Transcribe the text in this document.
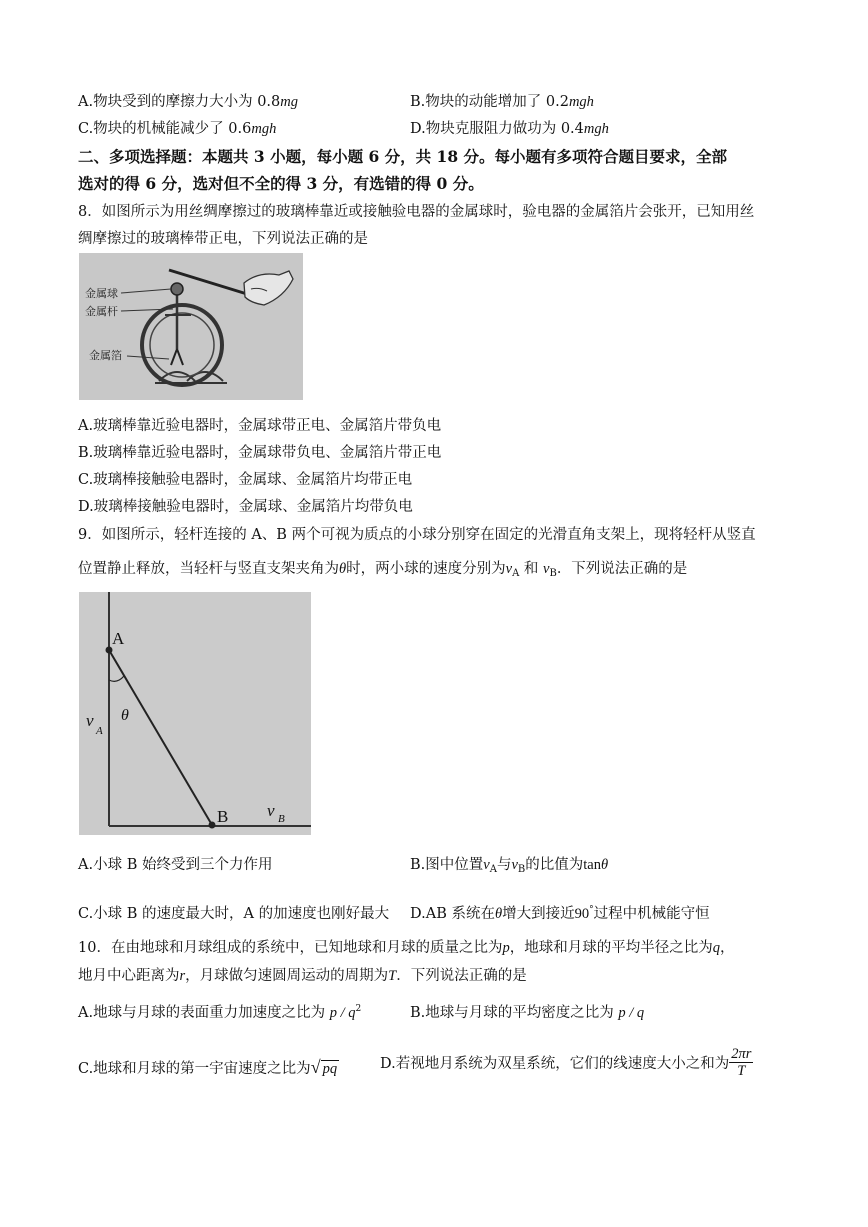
A.物块受到的摩擦力大小为 0.8mg	B.物块的动能增加了 0.2mgh
C.物块的机械能减少了 0.6mgh	D.物块克服阻力做功为 0.4mgh
二、多项选择题：本题共 3 小题，每小题 6 分，共 18 分。每小题有多项符合题目要求，全部
选对的得 6 分，选对但不全的得 3 分，有选错的得 0 分。
8．如图所示为用丝绸摩擦过的玻璃棒靠近或接触验电器的金属球时，验电器的金属箔片会张开，已知用丝
绸摩擦过的玻璃棒带正电，下列说法正确的是
金属球
金属杆
金属箔
A.玻璃棒靠近验电器时，金属球带正电、金属箔片带负电
B.玻璃棒靠近验电器时，金属球带负电、金属箔片带正电
C.玻璃棒接触验电器时，金属球、金属箔片均带正电
D.玻璃棒接触验电器时，金属球、金属箔片均带负电
9．如图所示，轻杆连接的 A、B 两个可视为质点的小球分别穿在固定的光滑直角支架上，现将轻杆从竖直
位置静止释放，当轻杆与竖直支架夹角为θ时，两小球的速度分别为$v_A$ 和 $v_B$．下列说法正确的是
A
B
θ
v
A
v B
A.小球 B 始终受到三个力作用	B.图中位置$v_A$与$v_B$的比值为tanθ
C.小球 B 的速度最大时，A 的加速度也刚好最大 D.AB 系统在θ增大到接近90°过程中机械能守恒
10．在由地球和月球组成的系统中，已知地球和月球的质量之比为p，地球和月球的平均半径之比为q，
地月中心距离为r，月球做匀速圆周运动的周期为T．下列说法正确的是
A.地球与月球的表面重力加速度之比为 p / $q^2$	B.地球与月球的平均密度之比为 p / q
C.地球和月球的第一宇宙速度之比为√ pq	D.若视地月系统为双星系统，它们的线速度大小之和为 $\frac{2\pi r}{T}$
